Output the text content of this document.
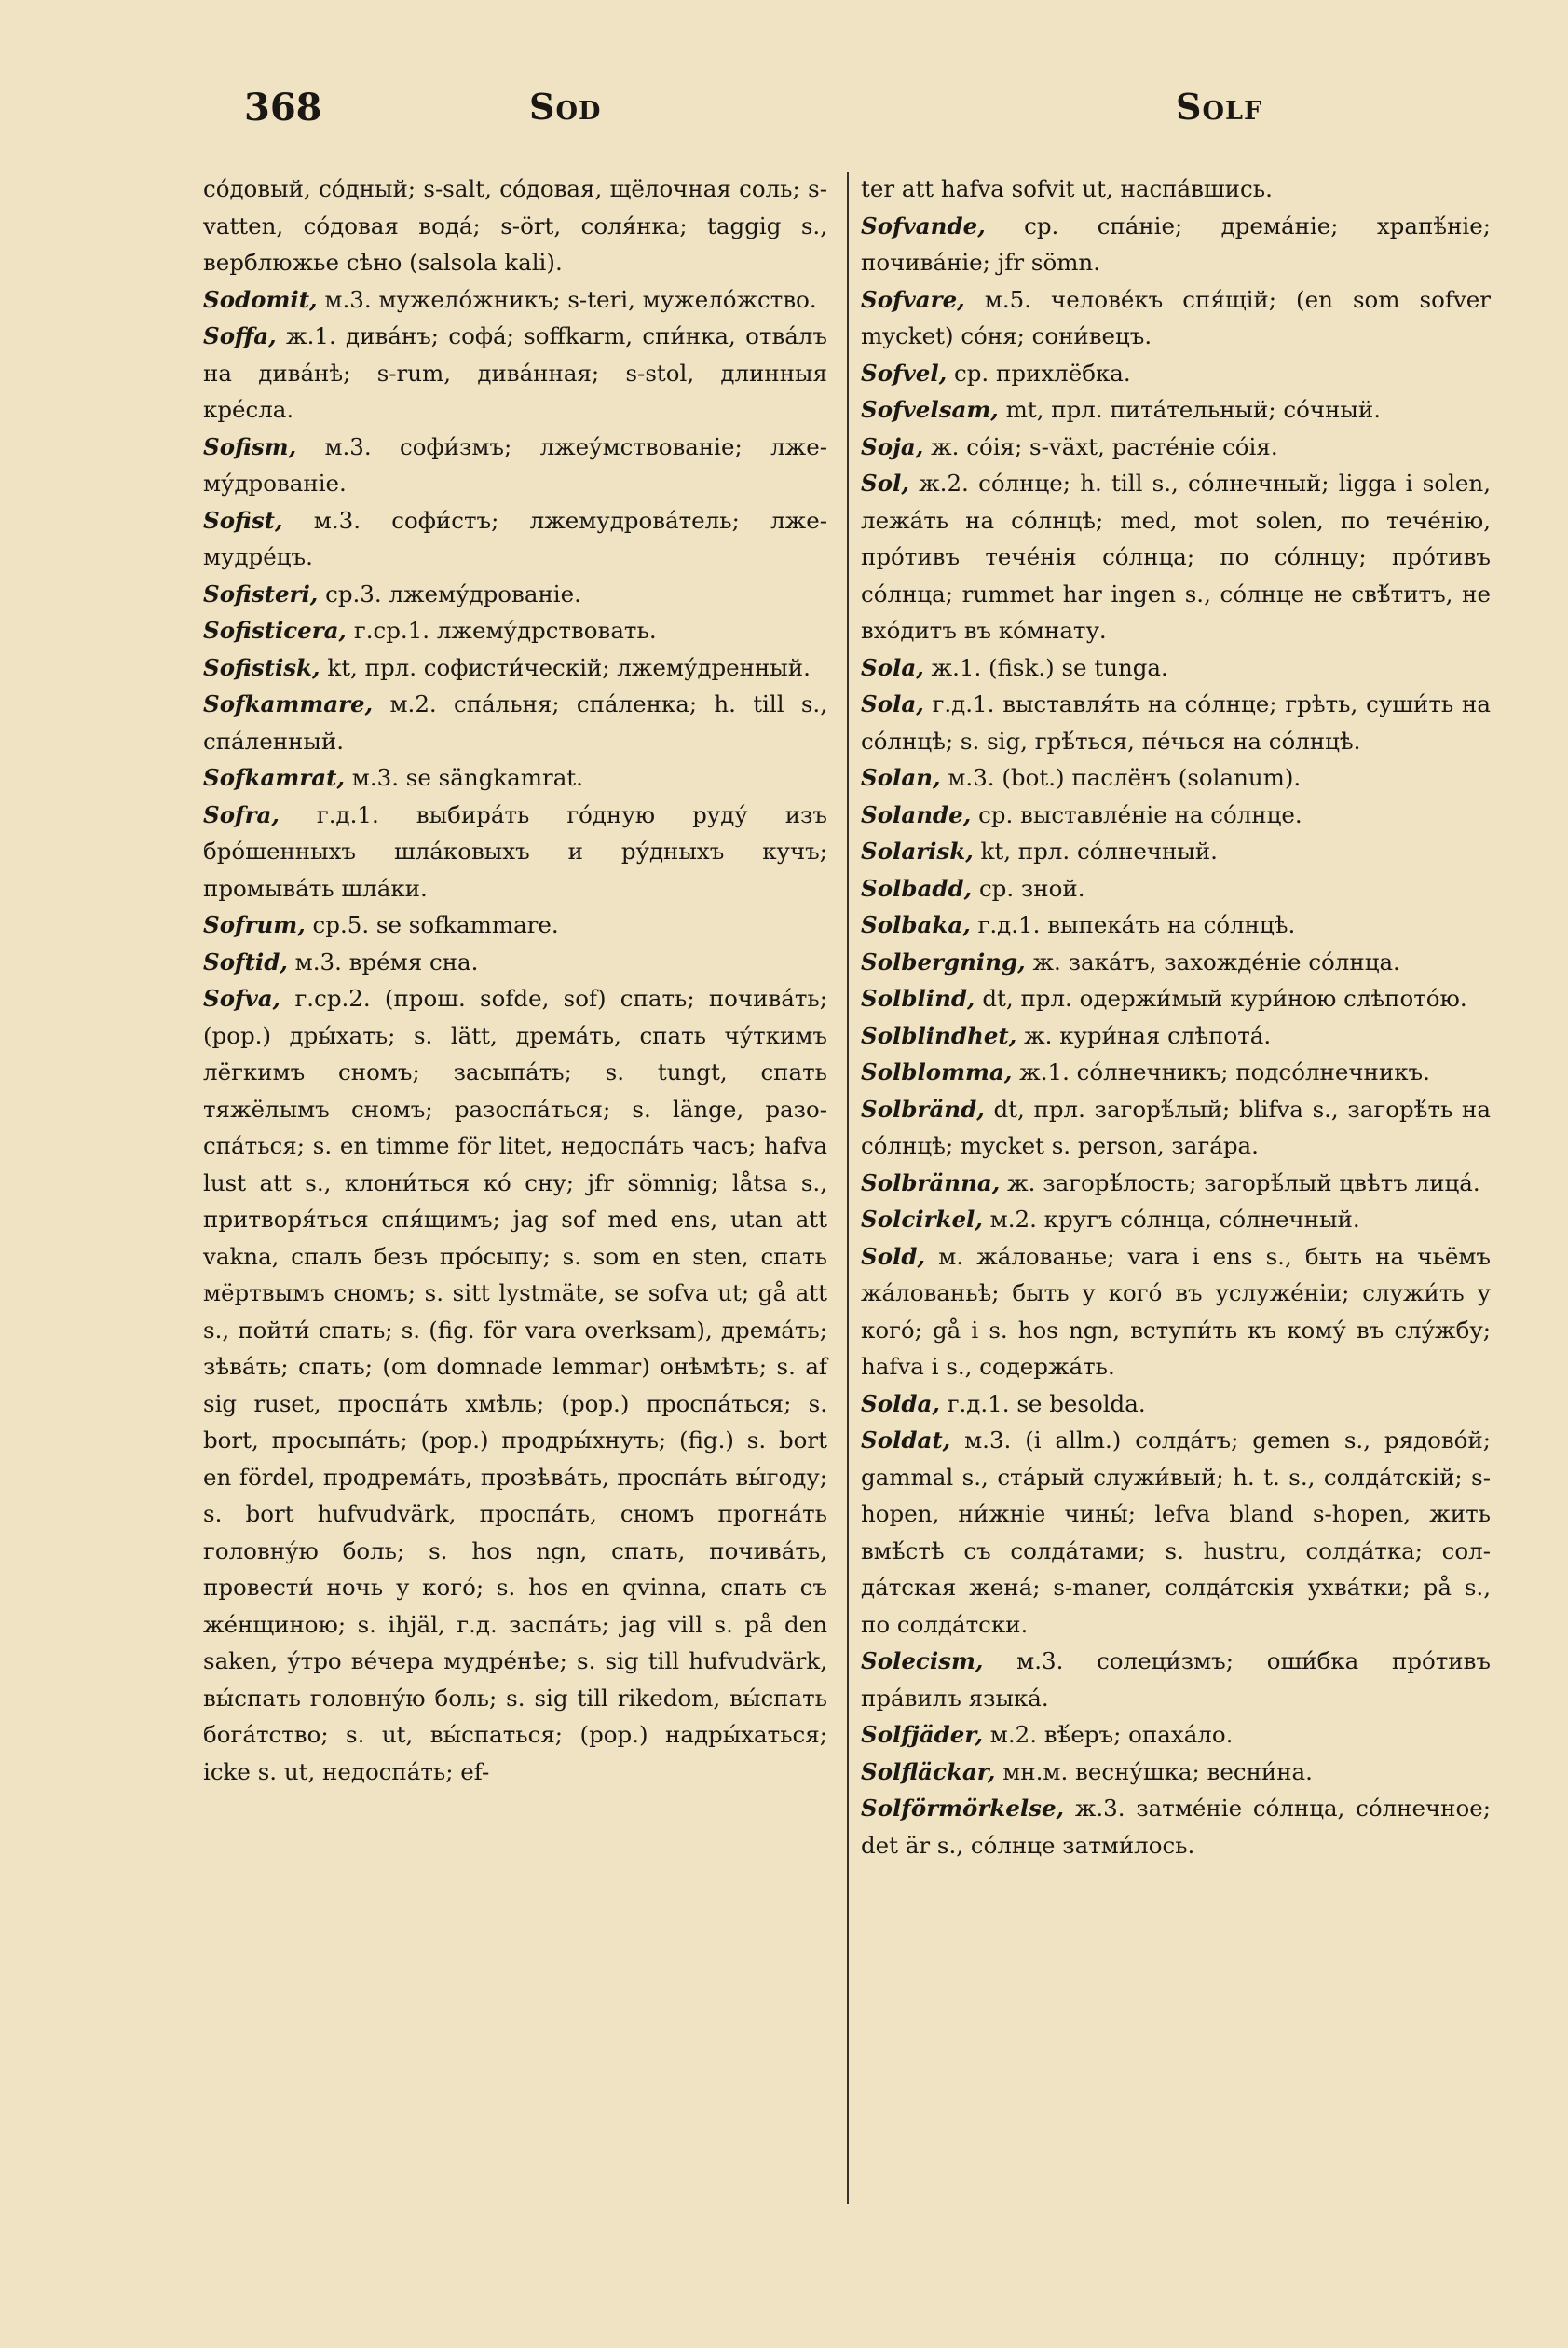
368	Sod	Solf

со́довый, со́дный; s-salt, со́довая, щёлочная соль; s-vatten, со́довая вода́; s-ört, соля́нка; taggig s., верблюжье сѣно (salsola kali).

Sodomit, м.3. мужело́жникъ; s-teri, мужело́жство.

Soffa, ж.1. дива́нъ; софа́; soffkarm, спи́нка, отва́лъ на дива́нѣ; s-rum, дива́нная; s-stol, длинныя кре́сла.

Sofism, м.3. софи́змъ; лжеу́мствованіе; лжему́дрованіе.

Sofist, м.3. софи́стъ; лжемудрова́тель; лжемудре́цъ.

Sofisteri, ср.3. лжему́дрованіе.

Sofisticera, г.ср.1. лжему́дрствовать.

Sofistisk, kt, прл. софисти́ческій; лжему́дренный.

Sofkammare, м.2. спа́льня; спа́ленка; h. till s., спа́ленный.

Sofkamrat, м.3. se sängkamrat.

Sofra, г.д.1. выбира́ть го́дную руду́ изъ бро́шенныхъ шла́ковыхъ и ру́дныхъ кучъ; промыва́ть шла́ки.

Sofrum, ср.5. se sofkammare.

Softid, м.3. вре́мя сна.

Sofva, г.ср.2. (прош. sofde, sof) спать; почива́ть; (рор.) дры́хать; s. lätt, дрема́ть, спать чу́ткимъ лёгкимъ сномъ; засыпа́ть; s. tungt, спать тяжёлымъ сномъ; разоспа́ться; s. länge, разоспа́ться; s. en timme för litet, недоспа́ть часъ; hafva lust att s., клони́ться ко́ сну; jfr sömnig; låtsa s., притворя́ться спя́щимъ; jag sof med ens, utan att vakna, спалъ безъ про́сыпу; s. som en sten, спать мёртвымъ сномъ; s. sitt lystmäte, se sofva ut; gå att s., пойти́ спать; s. (fig. för vara overksam), дрема́ть; зѣва́ть; спать; (om domnade lemmar) онѣмѣть; s. af sig ruset, проспа́ть хмѣль; (рор.) проспа́ться; s. bort, просыпа́ть; (рор.) продры́хнуть; (fig.) s. bort en fördel, продрема́ть, прозѣва́ть, проспа́ть вы́году; s. bort hufvudvärk, проспа́ть, сномъ прогна́ть головну́ю боль; s. hos ngn, спать, почива́ть, провести́ ночь у кого́; s. hos en qvinna, спать съ же́нщиною; s. ihjäl, г.д. заспа́ть; jag vill s. på den saken, у́тро ве́чера мудре́нѣе; s. sig till hufvudvärk, вы́спать головну́ю боль; s. sig till rikedom, вы́спать бога́тство; s. ut, вы́спаться; (рор.) надры́хаться; icke s. ut, недоспа́ть; ef-

ter att hafva sofvit ut, наспа́вшись.

Sofvande, ср. спа́ніе; дрема́ніе; храпѣ́ніе; почива́ніе; jfr sömn.

Sofvare, м.5. челове́къ спя́щій; (en som sofver mycket) со́ня; сони́вецъ.

Sofvel, ср. прихлёбка.

Sofvelsam, mt, прл. пита́тельный; со́чный.

Soja, ж. со́ія; s-växt, расте́ніе со́ія.

Sol, ж.2. со́лнце; h. till s., со́лнечный; ligga i solen, лежа́ть на со́лнцѣ; med, mot solen, по тече́нію, про́тивъ тече́нія со́лнца; по со́лнцу; про́тивъ со́лнца; rummet har ingen s., со́лнце не свѣ́титъ, не вхо́дитъ въ ко́мнату.

Sola, ж.1. (fisk.) se tunga.

Sola, г.д.1. выставля́ть на со́лнце; грѣть, суши́ть на со́лнцѣ; s. sig, грѣ́ться, пе́чься на со́лнцѣ.

Solan, м.3. (bot.) паслёнъ (solanum).

Solande, ср. выставле́ніе на со́лнце.

Solarisk, kt, прл. со́лнечный.

Solbadd, ср. зной.

Solbaka, г.д.1. выпека́ть на со́лнцѣ.

Solbergning, ж. зака́тъ, захожде́ніе со́лнца.

Solblind, dt, прл. одержи́мый кури́ною слѣпото́ю.

Solblindhet, ж. кури́ная слѣпота́.

Solblomma, ж.1. со́лнечникъ; подсо́лнечникъ.

Solbränd, dt, прл. загорѣ́лый; blifva s., загорѣ́ть на со́лнцѣ; mycket s. person, зага́ра.

Solbränna, ж. загорѣ́лость; загорѣ́лый цвѣтъ лица́.

Solcirkel, м.2. кругъ со́лнца, со́лнечный.

Sold, м. жа́лованье; vara i ens s., быть на чьёмъ жа́лованьѣ; быть у кого́ въ услуже́ніи; служи́ть у кого́; gå i s. hos ngn, вступи́ть къ кому́ въ слу́жбу; hafva i s., содержа́ть.

Solda, г.д.1. se besolda.

Soldat, м.3. (i allm.) солда́тъ; gemen s., рядово́й; gammal s., ста́рый служи́вый; h. t. s., солда́тскій; s-hopen, ни́жніе чины́; lefva bland s-hopen, жить вмѣ́стѣ съ солда́тами; s. hustru, солда́тка; солда́тская жена́; s-maner, солда́тскія ухва́тки; på s., по солда́тски.

Solecism, м.3. солеци́змъ; оши́бка про́тивъ пра́вилъ языка́.

Solfjäder, м.2. вѣ́еръ; опаха́ло.

Solfläckar, мн.м. весну́шка; весни́на.

Solförmörkelse, ж.3. затме́ніе со́лнца, со́лнечное; det är s., со́лнце затми́лось.
